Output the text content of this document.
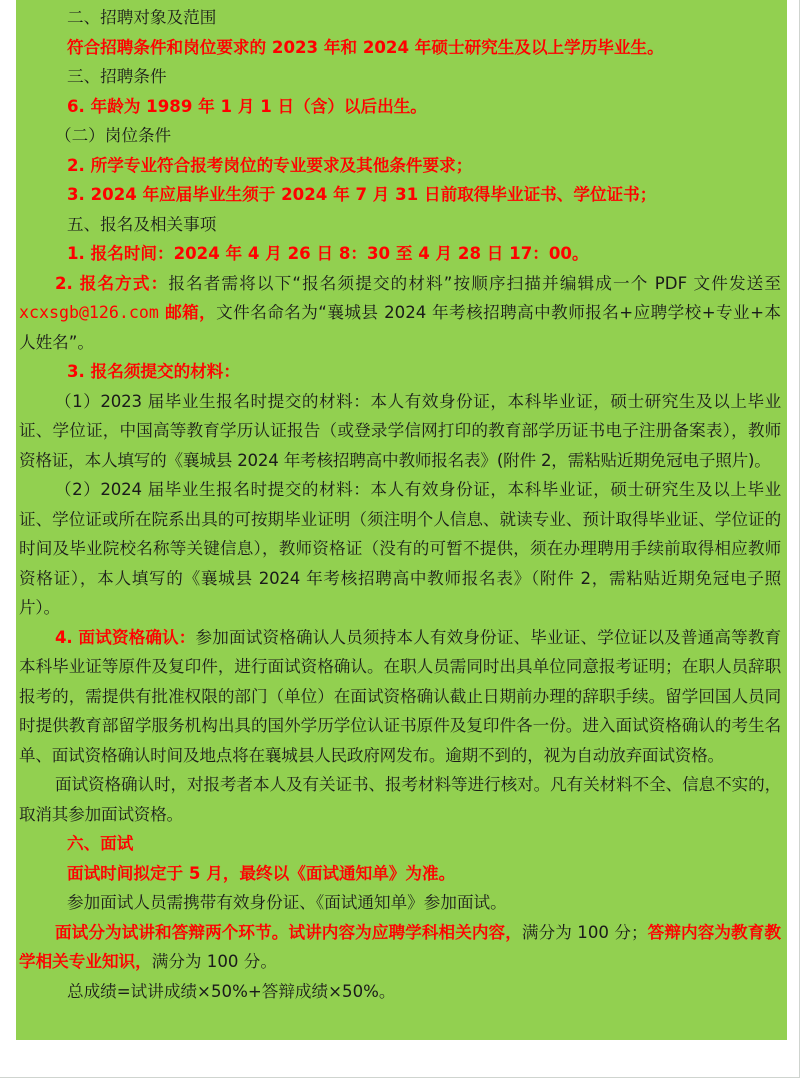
二、招聘对象及范围

符合招聘条件和岗位要求的 2023 年和 2024 年硕士研究生及以上学历毕业生。

三、招聘条件

6. 年龄为 1989 年 1 月 1 日（含）以后出生。

（二）岗位条件

2. 所学专业符合报考岗位的专业要求及其他条件要求；

3. 2024 年应届毕业生须于 2024 年 7 月 31 日前取得毕业证书、学位证书；

五、报名及相关事项

1. 报名时间：2024 年 4 月 26 日 8：30 至 4 月 28 日 17：00。

2. 报名方式：报名者需将以下“报名须提交的材料”按顺序扫描并编辑成一个 PDF 文件发送至 xcxsgb@126.com 邮箱，文件名命名为“襄城县 2024 年考核招聘高中教师报名+应聘学校+专业+本人姓名”。

3. 报名须提交的材料：

（1）2023 届毕业生报名时提交的材料：本人有效身份证，本科毕业证，硕士研究生及以上毕业证、学位证，中国高等教育学历认证报告（或登录学信网打印的教育部学历证书电子注册备案表），教师资格证，本人填写的《襄城县 2024 年考核招聘高中教师报名表》(附件 2，需粘贴近期免冠电子照片)。

（2）2024 届毕业生报名时提交的材料：本人有效身份证，本科毕业证，硕士研究生及以上毕业证、学位证或所在院系出具的可按期毕业证明（须注明个人信息、就读专业、预计取得毕业证、学位证的时间及毕业院校名称等关键信息），教师资格证（没有的可暂不提供，须在办理聘用手续前取得相应教师资格证），本人填写的《襄城县 2024 年考核招聘高中教师报名表》（附件 2，需粘贴近期免冠电子照片）。

4. 面试资格确认：参加面试资格确认人员须持本人有效身份证、毕业证、学位证以及普通高等教育本科毕业证等原件及复印件，进行面试资格确认。在职人员需同时出具单位同意报考证明；在职人员辞职报考的，需提供有批准权限的部门（单位）在面试资格确认截止日期前办理的辞职手续。留学回国人员同时提供教育部留学服务机构出具的国外学历学位认证书原件及复印件各一份。进入面试资格确认的考生名单、面试资格确认时间及地点将在襄城县人民政府网发布。逾期不到的，视为自动放弃面试资格。

面试资格确认时，对报考者本人及有关证书、报考材料等进行核对。凡有关材料不全、信息不实的，取消其参加面试资格。

六、面试

面试时间拟定于 5 月，最终以《面试通知单》为准。

参加面试人员需携带有效身份证、《面试通知单》参加面试。

面试分为试讲和答辩两个环节。试讲内容为应聘学科相关内容，满分为 100 分；答辩内容为教育教学相关专业知识，满分为 100 分。

总成绩=试讲成绩×50%+答辩成绩×50%。
